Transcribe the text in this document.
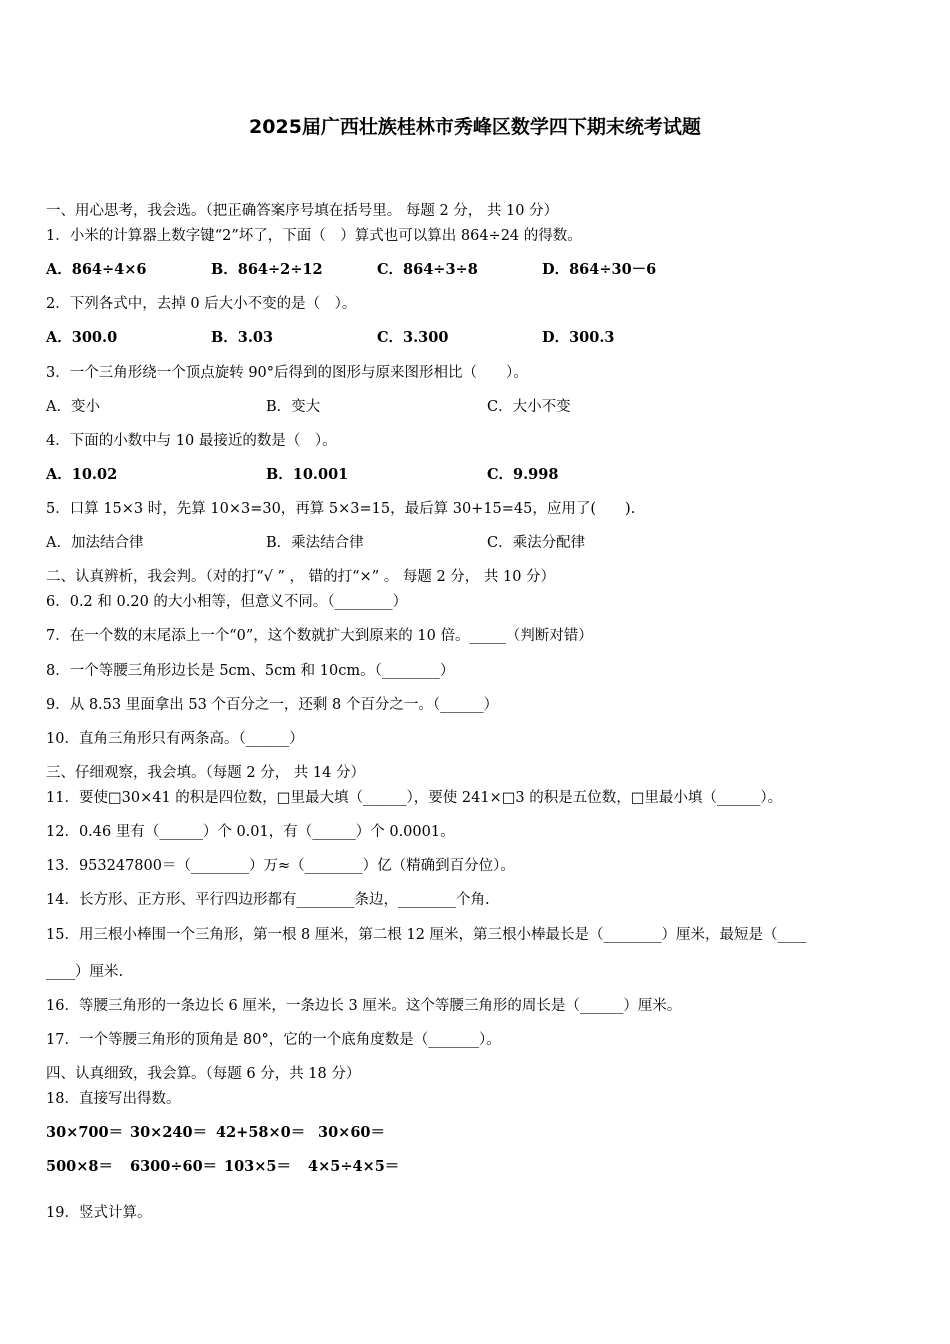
2025届广西壮族桂林市秀峰区数学四下期末统考试题
一、用心思考，我会选。（把正确答案序号填在括号里。 每题 2 分， 共 10 分）
1．小米的计算器上数字键“2”坏了，下面（　）算式也可以算出 864÷24 的得数。
A．864÷4×6	B．864÷2÷12	C．864÷3÷8	D．864÷30－6
2．下列各式中，去掉 0 后大小不变的是（　）。
A．300.0	B．3.03	C．3.300	D．300.3
3．一个三角形绕一个顶点旋转 90°后得到的图形与原来图形相比（　　）。
A．变小	B．变大	C．大小不变
4．下面的小数中与 10 最接近的数是（　）。
A．10.02	B．10.001	C．9.998
5．口算 15×3 时，先算 10×3=30，再算 5×3=15，最后算 30+15=45，应用了(　　).
A．加法结合律	B．乘法结合律	C．乘法分配律
二、认真辨析，我会判。（对的打“√ ” ， 错的打“×” 。 每题 2 分， 共 10 分）
6．0.2 和 0.20 的大小相等，但意义不同。（________）
7．在一个数的末尾添上一个“0”，这个数就扩大到原来的 10 倍。_____（判断对错）
8．一个等腰三角形边长是 5cm、5cm 和 10cm。（________）
9．从 8.53 里面拿出 53 个百分之一，还剩 8 个百分之一。（______）
10．直角三角形只有两条高。（______）
三、仔细观察，我会填。（每题 2 分， 共 14 分）
11．要使□30×41 的积是四位数，□里最大填（______），要使 241×□3 的积是五位数，□里最小填（______）。
12．0.46 里有（______）个 0.01，有（______）个 0.0001。
13．953247800＝（________）万≈（________）亿（精确到百分位）。
14．长方形、正方形、平行四边形都有________条边，________个角.
15．用三根小棒围一个三角形，第一根 8 厘米，第二根 12 厘米，第三根小棒最长是（________）厘米，最短是（____
____）厘米.
16．等腰三角形的一条边长 6 厘米，一条边长 3 厘米。这个等腰三角形的周长是（______）厘米。
17．一个等腰三角形的顶角是 80°，它的一个底角度数是（_______）。
四、认真细致，我会算。（每题 6 分，共 18 分）
18．直接写出得数。
30×700＝ 30×240＝ 42+58×0＝ 30×60＝
500×8＝ 6300÷60＝ 103×5＝ 4×5÷4×5＝
19．竖式计算。
